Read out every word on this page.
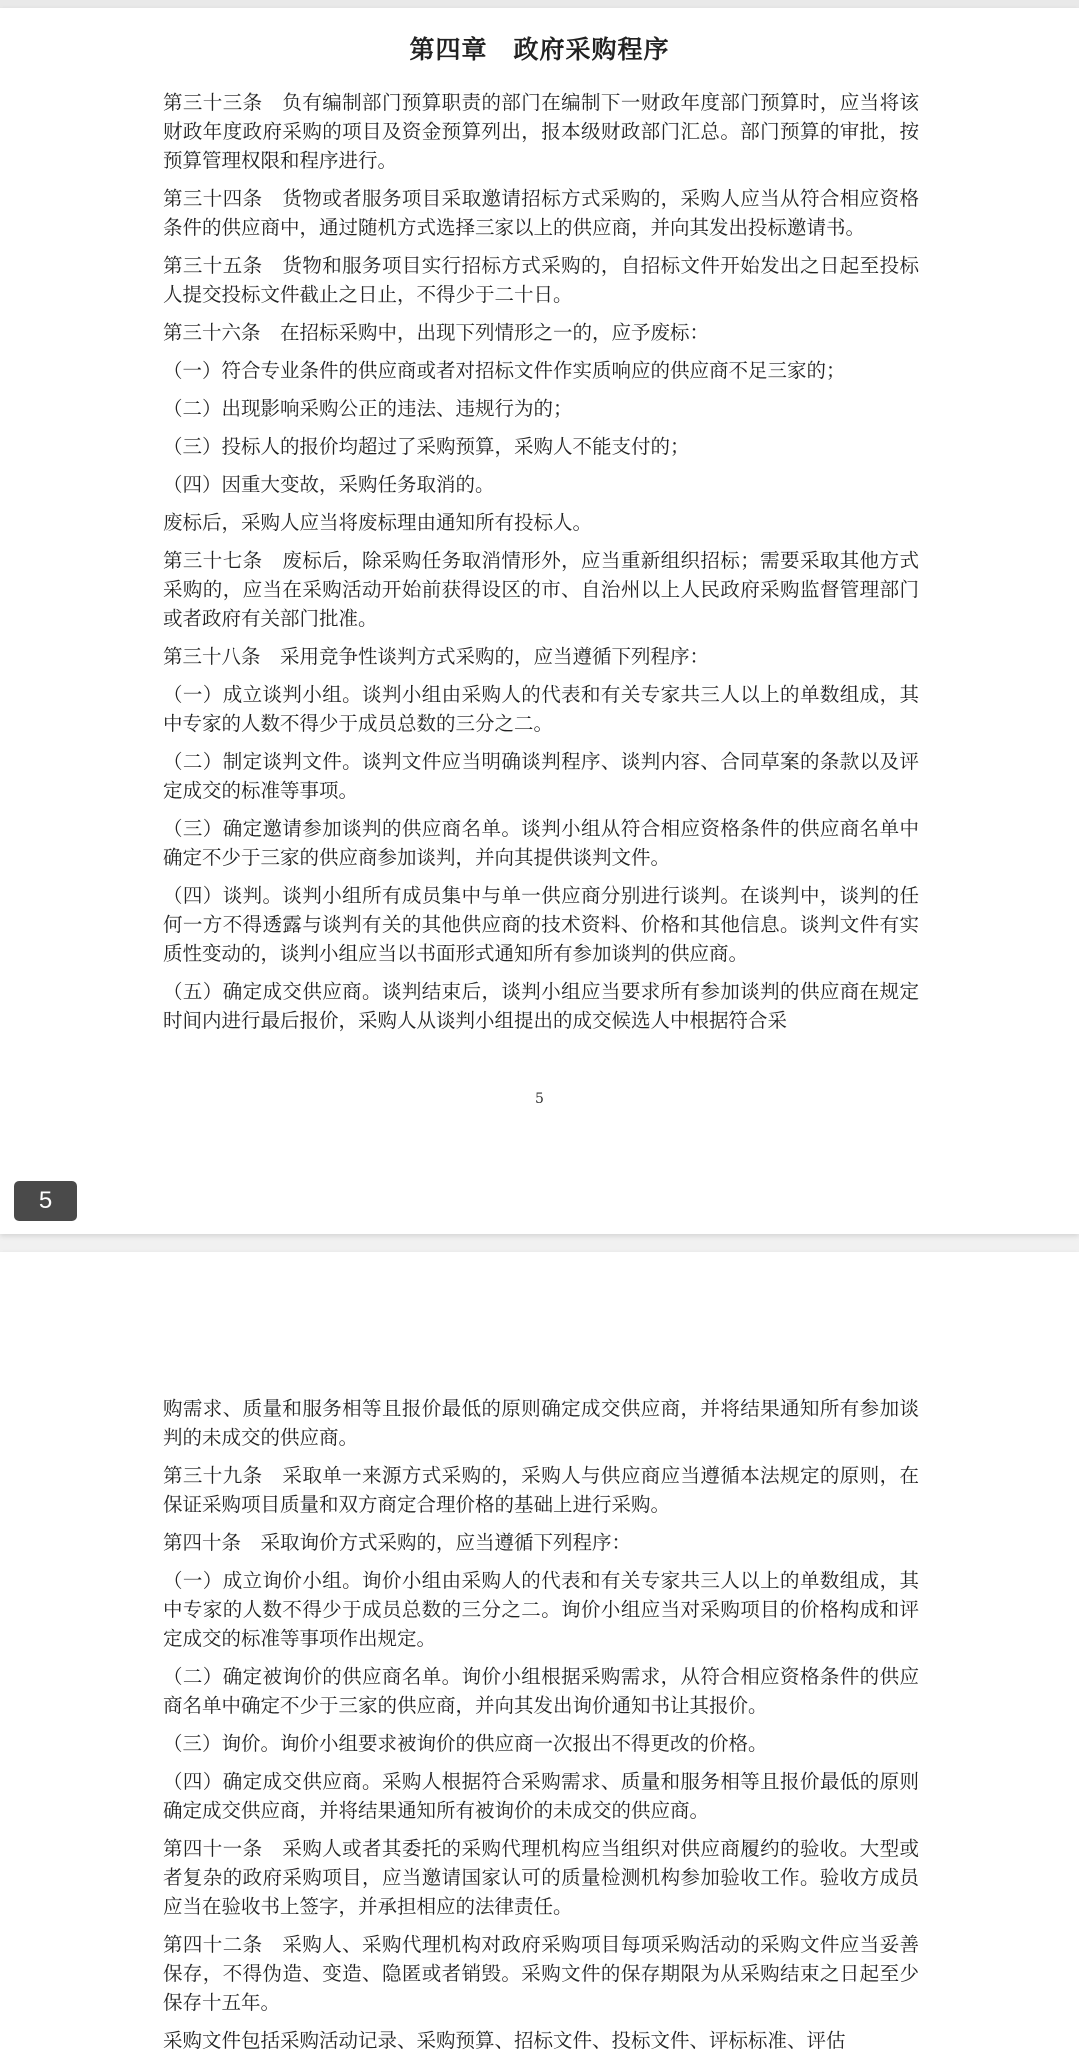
第四章　政府采购程序

第三十三条　负有编制部门预算职责的部门在编制下一财政年度部门预算时，应当将该财政年度政府采购的项目及资金预算列出，报本级财政部门汇总。部门预算的审批，按预算管理权限和程序进行。

第三十四条　货物或者服务项目采取邀请招标方式采购的，采购人应当从符合相应资格条件的供应商中，通过随机方式选择三家以上的供应商，并向其发出投标邀请书。

第三十五条　货物和服务项目实行招标方式采购的，自招标文件开始发出之日起至投标人提交投标文件截止之日止，不得少于二十日。

第三十六条　在招标采购中，出现下列情形之一的，应予废标：

（一）符合专业条件的供应商或者对招标文件作实质响应的供应商不足三家的；

（二）出现影响采购公正的违法、违规行为的；

（三）投标人的报价均超过了采购预算，采购人不能支付的；

（四）因重大变故，采购任务取消的。

废标后，采购人应当将废标理由通知所有投标人。

第三十七条　废标后，除采购任务取消情形外，应当重新组织招标；需要采取其他方式采购的，应当在采购活动开始前获得设区的市、自治州以上人民政府采购监督管理部门或者政府有关部门批准。

第三十八条　采用竞争性谈判方式采购的，应当遵循下列程序：

（一）成立谈判小组。谈判小组由采购人的代表和有关专家共三人以上的单数组成，其中专家的人数不得少于成员总数的三分之二。

（二）制定谈判文件。谈判文件应当明确谈判程序、谈判内容、合同草案的条款以及评定成交的标准等事项。

（三）确定邀请参加谈判的供应商名单。谈判小组从符合相应资格条件的供应商名单中确定不少于三家的供应商参加谈判，并向其提供谈判文件。

（四）谈判。谈判小组所有成员集中与单一供应商分别进行谈判。在谈判中，谈判的任何一方不得透露与谈判有关的其他供应商的技术资料、价格和其他信息。谈判文件有实质性变动的，谈判小组应当以书面形式通知所有参加谈判的供应商。

（五）确定成交供应商。谈判结束后，谈判小组应当要求所有参加谈判的供应商在规定时间内进行最后报价，采购人从谈判小组提出的成交候选人中根据符合采

5
5

购需求、质量和服务相等且报价最低的原则确定成交供应商，并将结果通知所有参加谈判的未成交的供应商。

第三十九条　采取单一来源方式采购的，采购人与供应商应当遵循本法规定的原则，在保证采购项目质量和双方商定合理价格的基础上进行采购。

第四十条　采取询价方式采购的，应当遵循下列程序：

（一）成立询价小组。询价小组由采购人的代表和有关专家共三人以上的单数组成，其中专家的人数不得少于成员总数的三分之二。询价小组应当对采购项目的价格构成和评定成交的标准等事项作出规定。

（二）确定被询价的供应商名单。询价小组根据采购需求，从符合相应资格条件的供应商名单中确定不少于三家的供应商，并向其发出询价通知书让其报价。

（三）询价。询价小组要求被询价的供应商一次报出不得更改的价格。

（四）确定成交供应商。采购人根据符合采购需求、质量和服务相等且报价最低的原则确定成交供应商，并将结果通知所有被询价的未成交的供应商。

第四十一条　采购人或者其委托的采购代理机构应当组织对供应商履约的验收。大型或者复杂的政府采购项目，应当邀请国家认可的质量检测机构参加验收工作。验收方成员应当在验收书上签字，并承担相应的法律责任。

第四十二条　采购人、采购代理机构对政府采购项目每项采购活动的采购文件应当妥善保存，不得伪造、变造、隐匿或者销毁。采购文件的保存期限为从采购结束之日起至少保存十五年。

采购文件包括采购活动记录、采购预算、招标文件、投标文件、评标标准、评估
